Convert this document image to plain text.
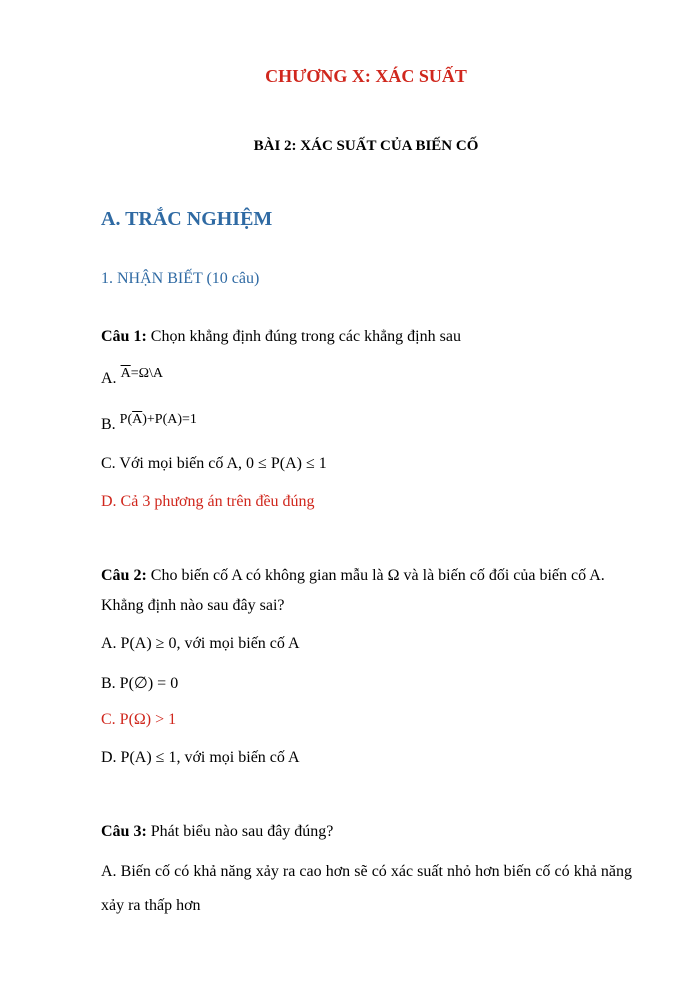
CHƯƠNG X: XÁC SUẤT
BÀI 2: XÁC SUẤT CỦA BIẾN CỐ
A. TRẮC NGHIỆM
1. NHẬN BIẾT (10 câu)
Câu 1: Chọn khẳng định đúng trong các khẳng định sau
A. $\overline{A}=\Omega\backslash A$
B. $P(\overline{A})+P(A)=1$
C. Với mọi biến cố A, 0 ≤ P(A) ≤ 1
D. Cả 3 phương án trên đều đúng
Câu 2: Cho biến cố A có không gian mẫu là Ω và là biến cố đối của biến cố A.
Khẳng định nào sau đây sai?
A. P(A) ≥ 0, với mọi biến cố A
B. P(∅) = 0
C. P(Ω) > 1
D. P(A) ≤ 1, với mọi biến cố A
Câu 3: Phát biểu nào sau đây đúng?
A. Biến cố có khả năng xảy ra cao hơn sẽ có xác suất nhỏ hơn biến cố có khả năng xảy ra thấp hơn
